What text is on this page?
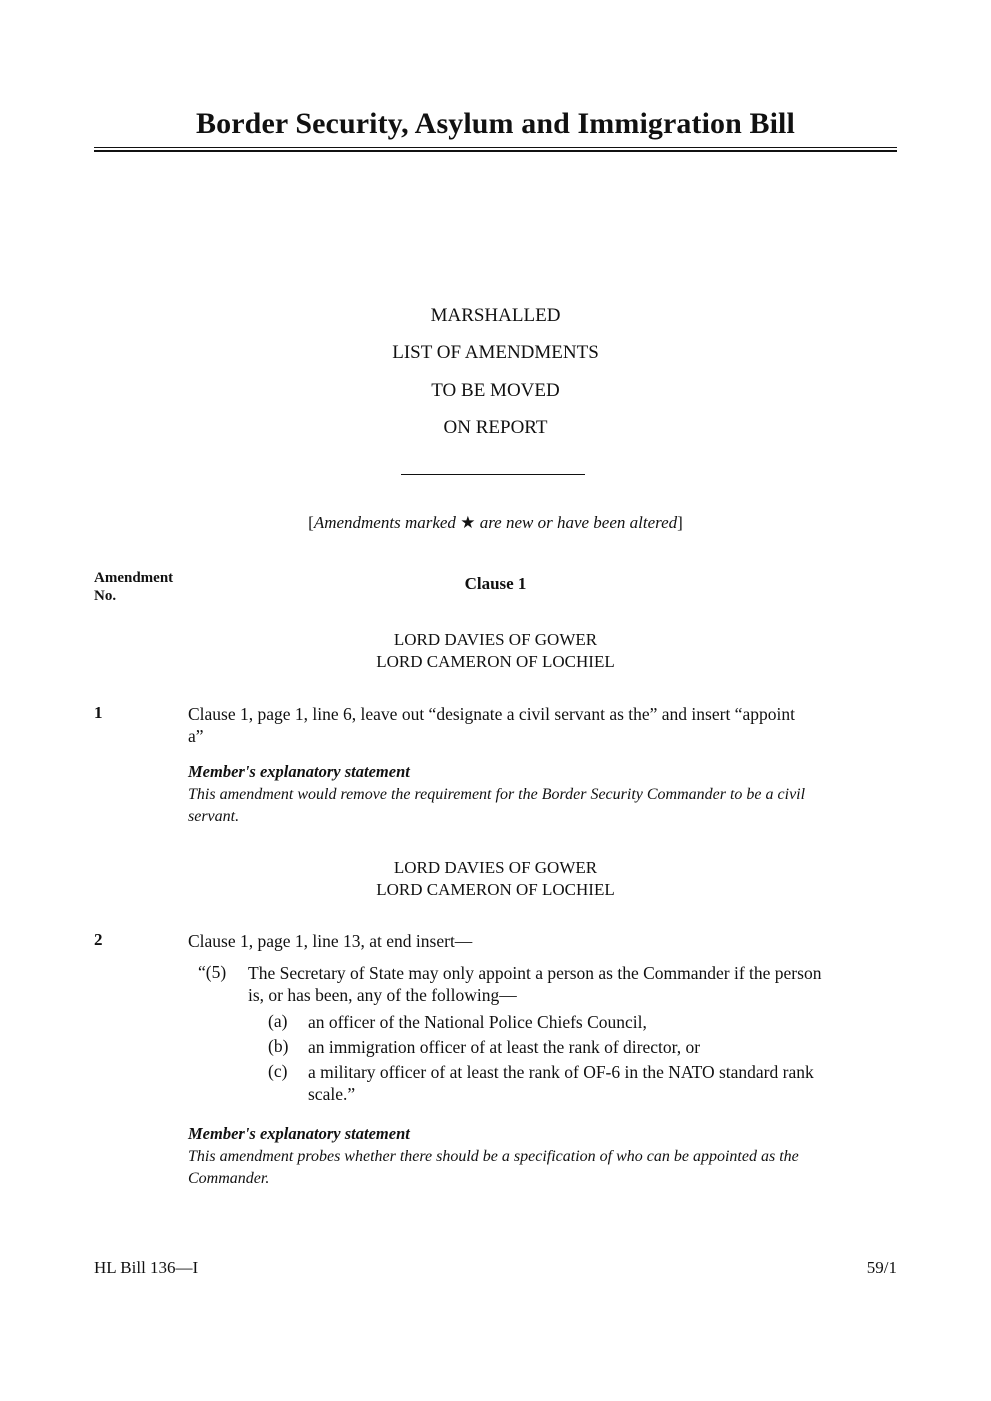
Border Security, Asylum and Immigration Bill
MARSHALLED
LIST OF AMENDMENTS
TO BE MOVED
ON REPORT
[Amendments marked ★ are new or have been altered]
Amendment
No.
Clause 1
LORD DAVIES OF GOWER
LORD CAMERON OF LOCHIEL
1	Clause 1, page 1, line 6, leave out “designate a civil servant as the” and insert “appoint
a”
Member's explanatory statement
This amendment would remove the requirement for the Border Security Commander to be a civil
servant.
LORD DAVIES OF GOWER
LORD CAMERON OF LOCHIEL
2	Clause 1, page 1, line 13, at end insert—
“(5) The Secretary of State may only appoint a person as the Commander if the person
is, or has been, any of the following—
(a) an officer of the National Police Chiefs Council,
(b) an immigration officer of at least the rank of director, or
(c) a military officer of at least the rank of OF-6 in the NATO standard rank
scale.”
Member's explanatory statement
This amendment probes whether there should be a specification of who can be appointed as the
Commander.
HL Bill 136—I	59/1
